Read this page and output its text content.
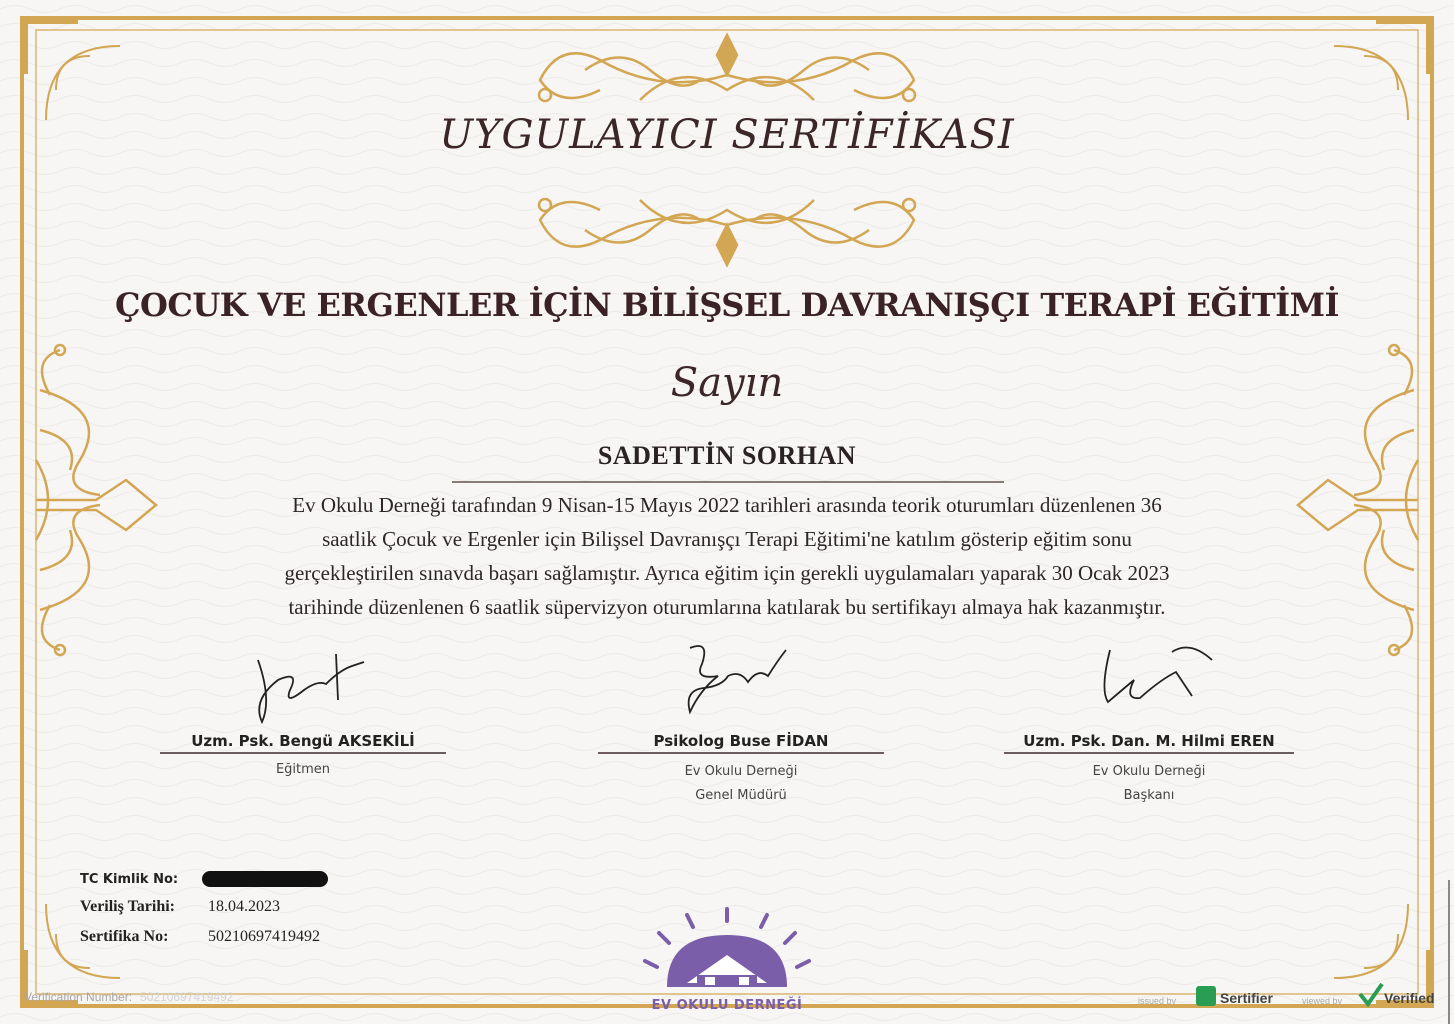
UYGULAYICI SERTİFİKASI
ÇOCUK VE ERGENLER İÇİN BİLİŞSEL DAVRANIŞÇI TERAPİ EĞİTİMİ
Sayın
SADETTİN SORHAN
Ev Okulu Derneği tarafından 9 Nisan-15 Mayıs 2022 tarihleri arasında teorik oturumları düzenlenen 36
saatlik Çocuk ve Ergenler için Bilişsel Davranışçı Terapi Eğitimi'ne katılım gösterip eğitim sonu
gerçekleştirilen sınavda başarı sağlamıştır. Ayrıca eğitim için gerekli uygulamaları yaparak 30 Ocak 2023
tarihinde düzenlenen 6 saatlik süpervizyon oturumlarına katılarak bu sertifikayı almaya hak kazanmıştır.
Uzm. Psk. Bengü AKSEKİLİ
Eğitmen
Psikolog Buse FİDAN
Ev Okulu Derneği
Genel Müdürü
Uzm. Psk. Dan. M. Hilmi EREN
Ev Okulu Derneği
Başkanı
TC Kimlik No:
Veriliş Tarihi: 18.04.2023
Sertifika No: 50210697419492
Verification Number: 50210697419492
EV OKULU DERNEĞİ	issued by	Sertifier	viewed by	Verified
